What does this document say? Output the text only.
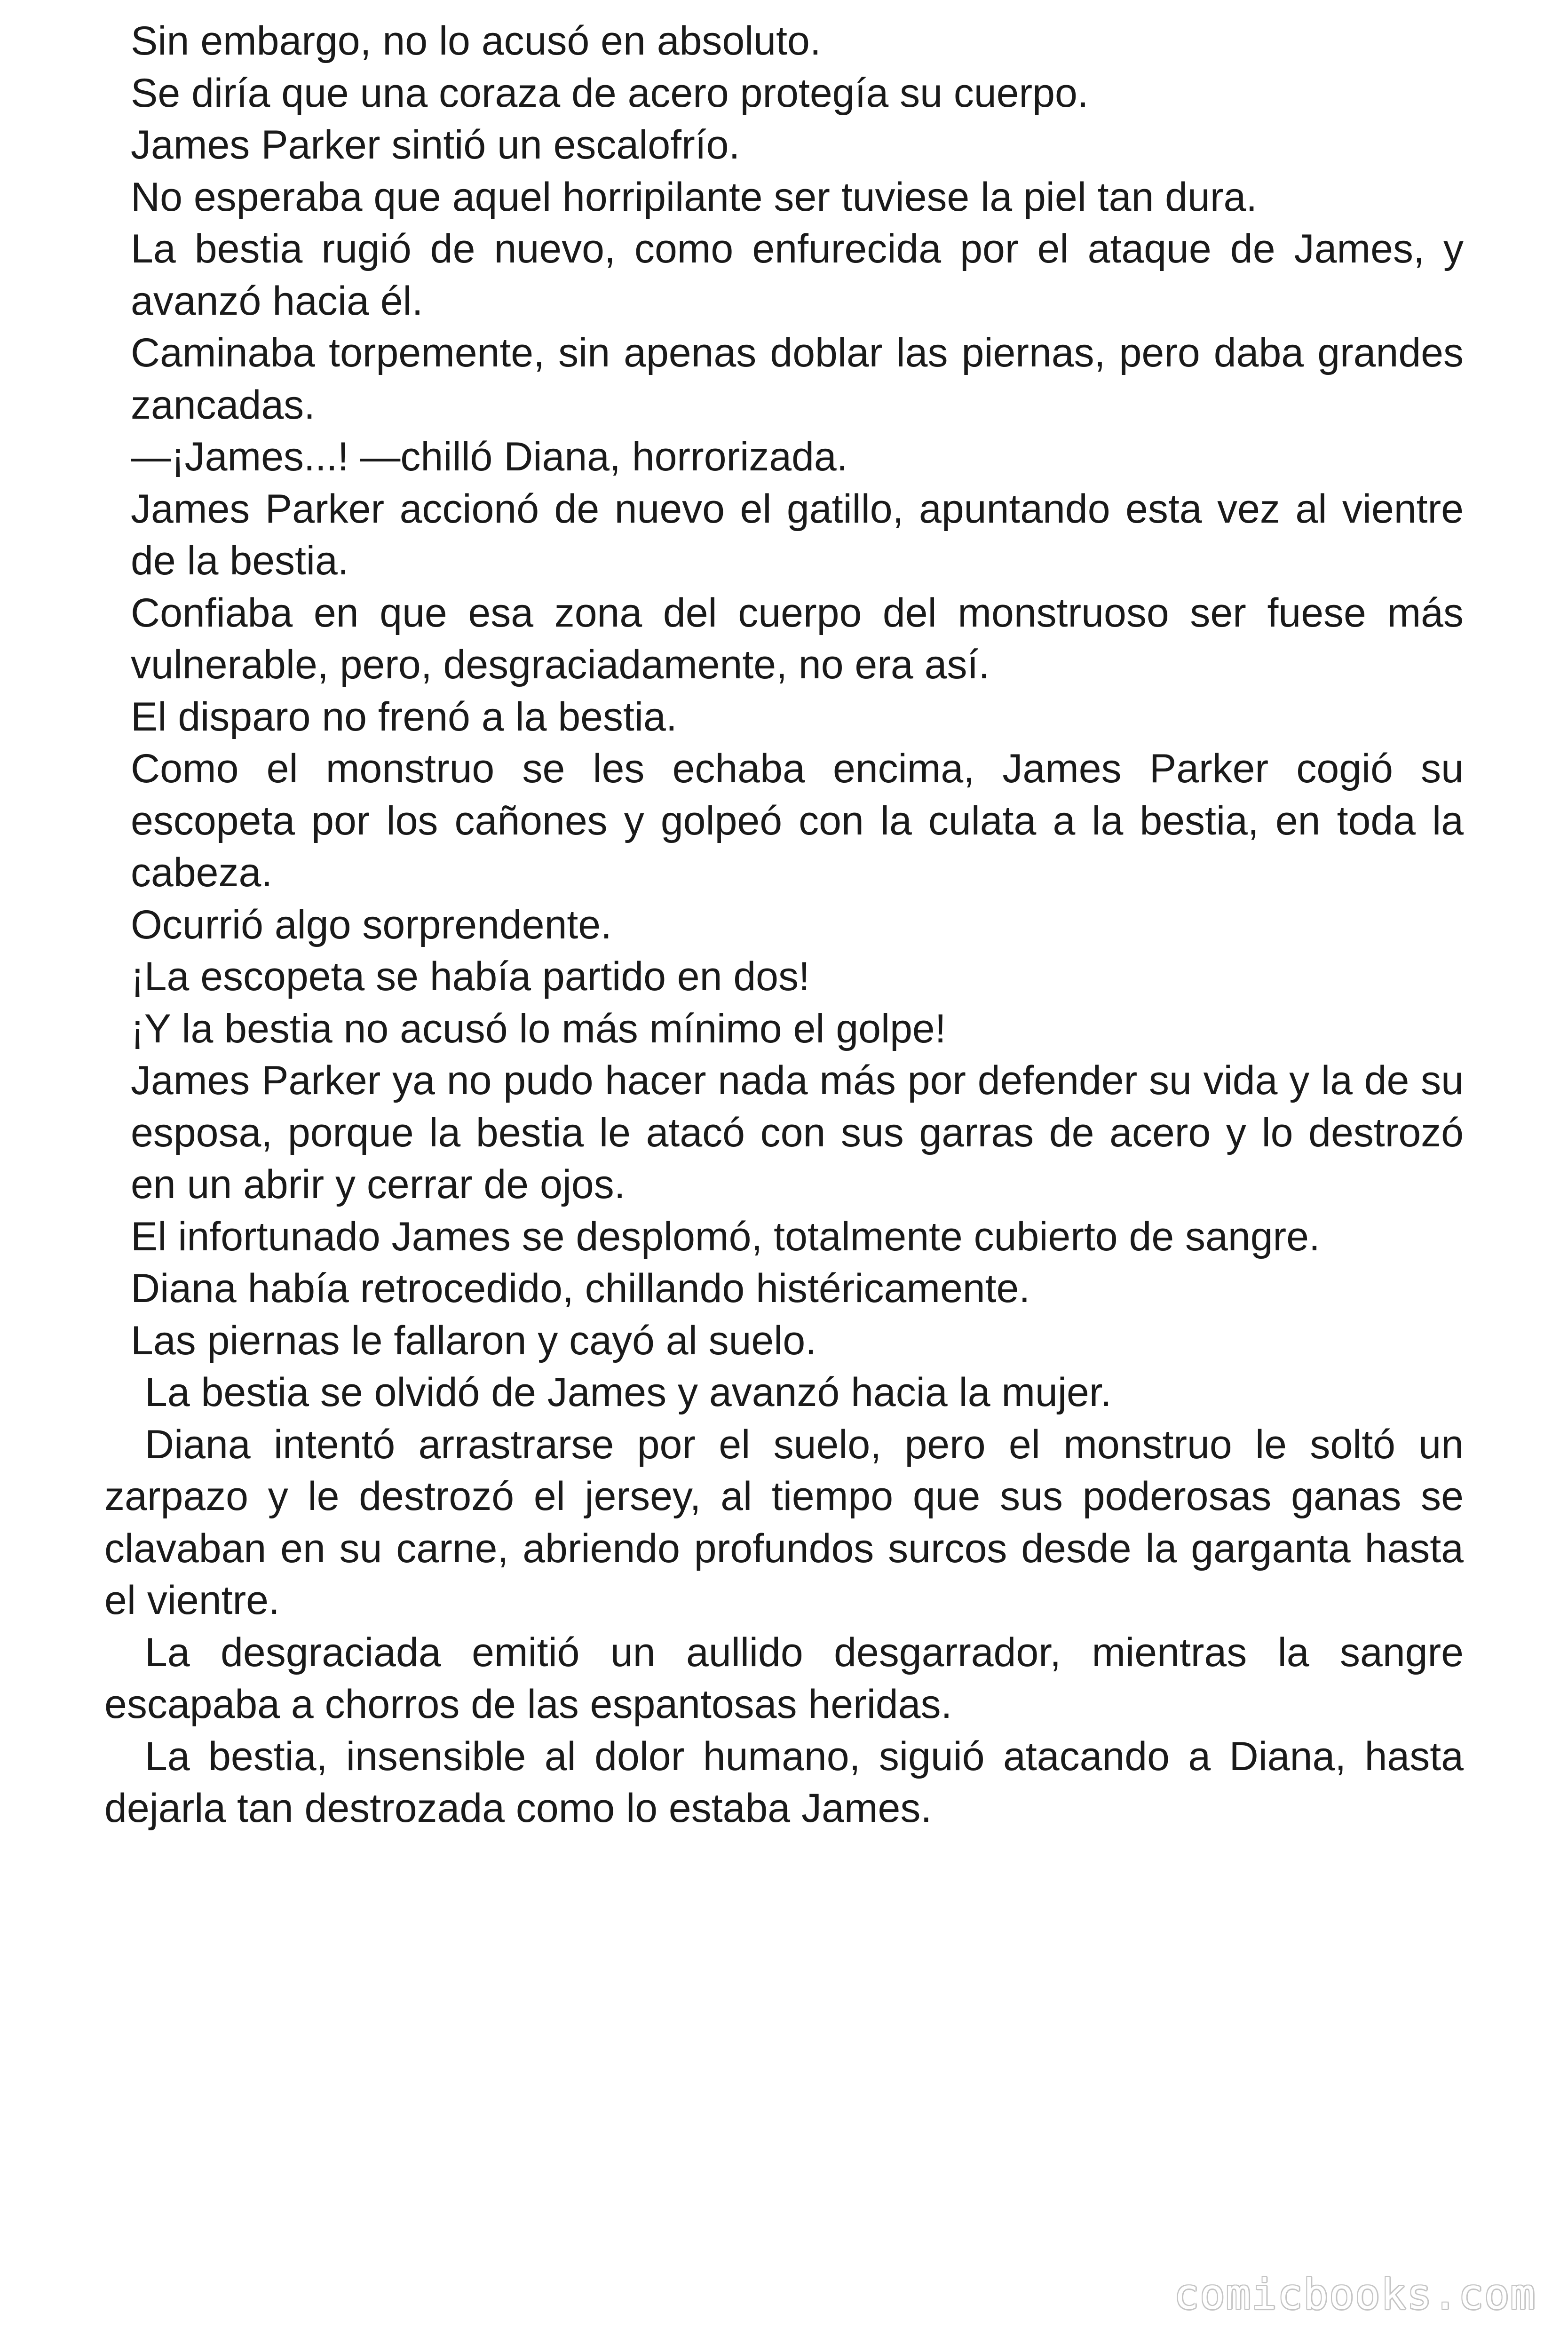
Sin embargo, no lo acusó en absoluto.

Se diría que una coraza de acero protegía su cuerpo.

James Parker sintió un escalofrío.

No esperaba que aquel horripilante ser tuviese la piel tan dura.

La bestia rugió de nuevo, como enfurecida por el ataque de James, y avanzó hacia él.

Caminaba torpemente, sin apenas doblar las piernas, pero daba grandes zancadas.

—¡James...! —chilló Diana, horrorizada.

James Parker accionó de nuevo el gatillo, apuntando esta vez al vientre de la bestia.

Confiaba en que esa zona del cuerpo del monstruoso ser fuese más vulnerable, pero, desgraciadamente, no era así.

El disparo no frenó a la bestia.

Como el monstruo se les echaba encima, James Parker cogió su escopeta por los cañones y golpeó con la culata a la bestia, en toda la cabeza.

Ocurrió algo sorprendente.

¡La escopeta se había partido en dos!

¡Y la bestia no acusó lo más mínimo el golpe!

James Parker ya no pudo hacer nada más por defender su vida y la de su esposa, porque la bestia le atacó con sus garras de acero y lo destrozó en un abrir y cerrar de ojos.

El infortunado James se desplomó, totalmente cubierto de sangre.

Diana había retrocedido, chillando histéricamente.

Las piernas le fallaron y cayó al suelo.

La bestia se olvidó de James y avanzó hacia la mujer.

Diana intentó arrastrarse por el suelo, pero el monstruo le soltó un zarpazo y le destrozó el jersey, al tiempo que sus poderosas ganas se clavaban en su carne, abriendo profundos surcos desde la garganta hasta el vientre.

La desgraciada emitió un aullido desgarrador, mientras la sangre escapaba a chorros de las espantosas heridas.

La bestia, insensible al dolor humano, siguió atacando a Diana, hasta dejarla tan destrozada como lo estaba James.

comicbooks.com
